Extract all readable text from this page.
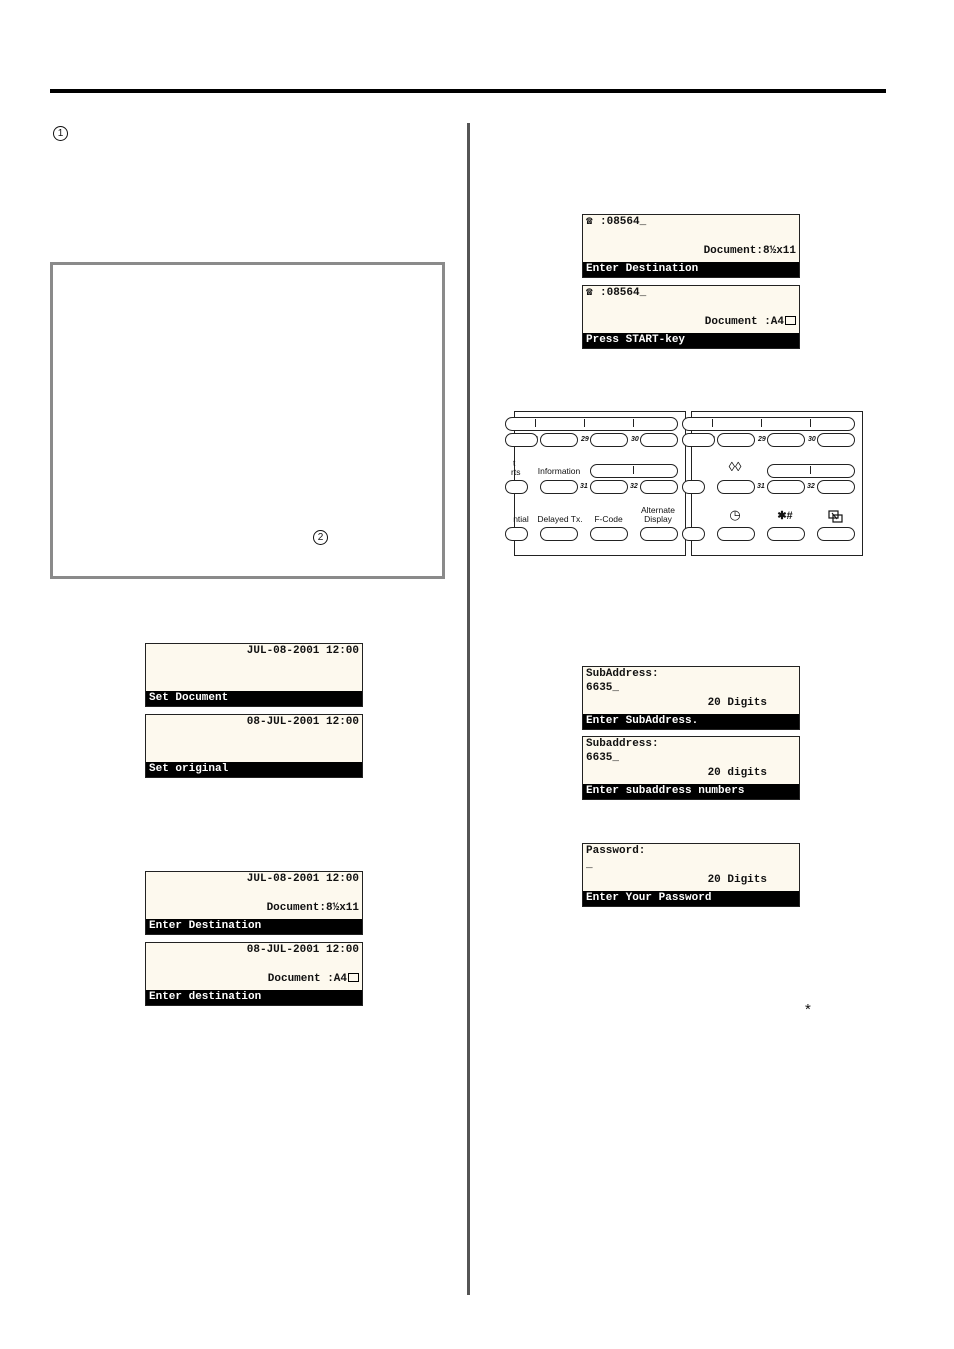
1
2
JUL-08-2001 12:00
Set Document
08-JUL-2001 12:00
Set original
JUL-08-2001 12:00
Document:8½x11
Enter Destination
08-JUL-2001 12:00
Document :A4
Enter destination
☎ :08564_
Document:8½x11
Enter Destination
☎ :08564_
Document :A4
Press START-key
SubAddress:
6635_
20 Digits
Enter SubAddress.
Subaddress:
6635_
20 digits
Enter subaddress numbers
Password:
_
20 Digits
Enter Your Password
29	30
t
rts	Information
31	32
ntial	Delayed Tx.	F-Code
Alternate
Display
29	30
◊◊
31	32
◷	✱#
*
